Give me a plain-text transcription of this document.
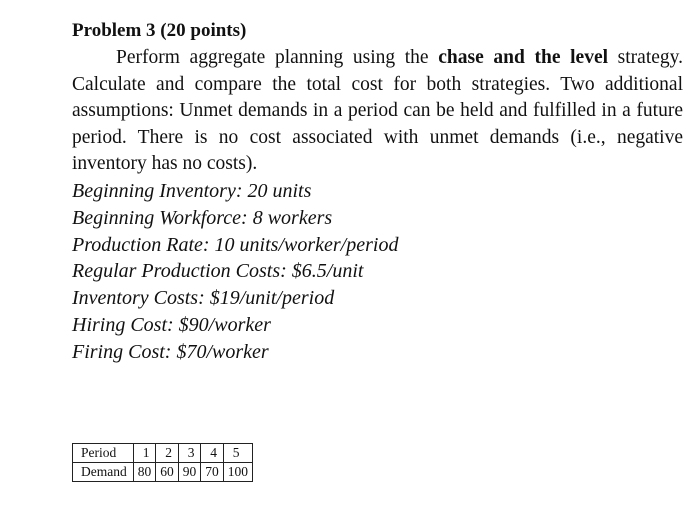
Problem 3 (20 points)

Perform aggregate planning using the chase and the level strategy. Calculate and compare the total cost for both strategies. Two additional assumptions: Unmet demands in a period can be held and fulfilled in a future period. There is no cost associated with unmet demands (i.e., negative inventory has no costs).

Beginning Inventory: 20 units
Beginning Workforce: 8 workers
Production Rate: 10 units/worker/period
Regular Production Costs: $6.5/unit
Inventory Costs: $19/unit/period
Hiring Cost: $90/worker
Firing Cost: $70/worker
Period	1	2	3	4	5
Demand	80	60	90	70	100
